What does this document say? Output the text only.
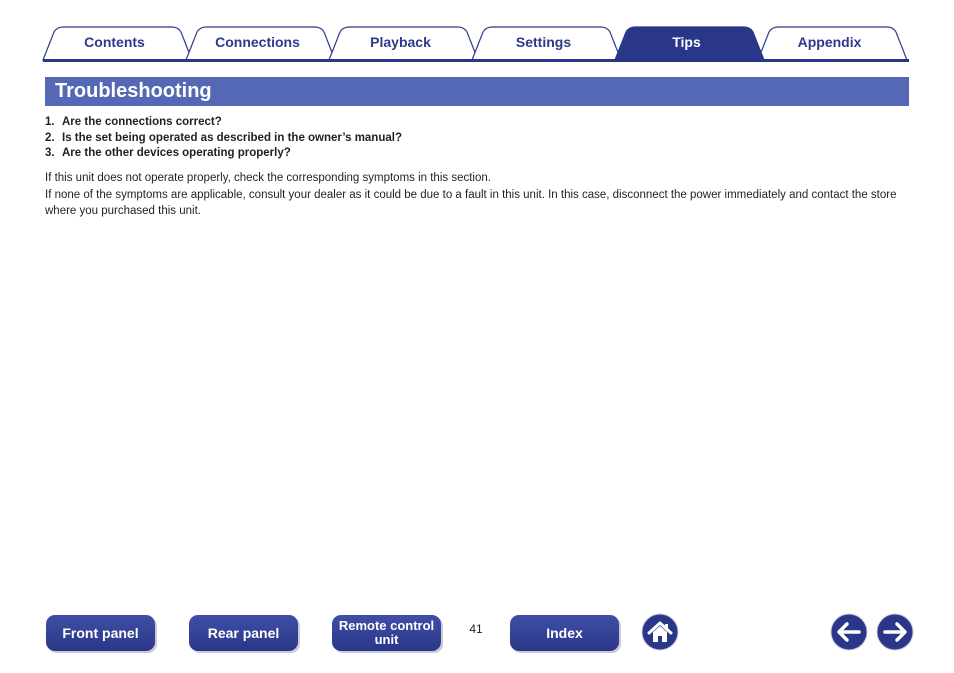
Contents	Connections	Playback	Settings	Tips	Appendix
Troubleshooting
1. Are the connections correct?
2. Is the set being operated as described in the owner’s manual?
3. Are the other devices operating properly?

If this unit does not operate properly, check the corresponding symptoms in this section.

If none of the symptoms are applicable, consult your dealer as it could be due to a fault in this unit. In this case, disconnect the power immediately and contact the store where you purchased this unit.

Front panel	Rear panel	Remote control
unit
41	Index
